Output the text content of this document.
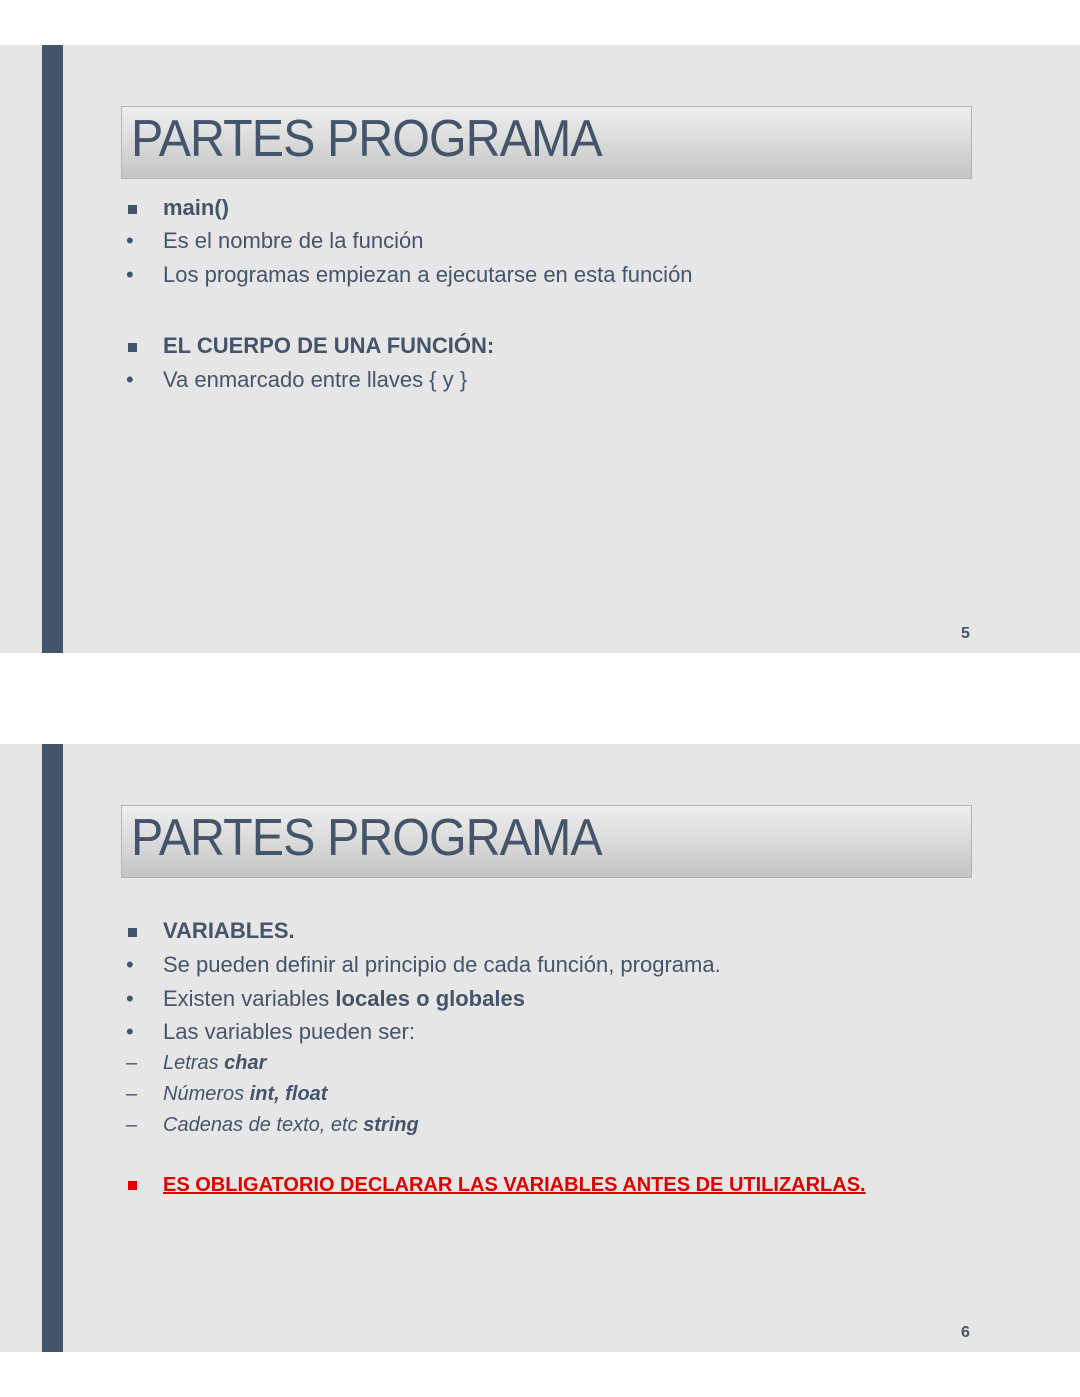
PARTES PROGRAMA
main()
• Es el nombre de la función
• Los programas empiezan a ejecutarse en esta función
EL CUERPO DE UNA FUNCIÓN:
• Va enmarcado entre llaves { y }
5
PARTES PROGRAMA
VARIABLES.
• Se pueden definir al principio de cada función, programa.
• Existen variables locales o globales
• Las variables pueden ser:
– Letras char
– Números int, float
– Cadenas de texto, etc string
ES OBLIGATORIO DECLARAR LAS VARIABLES ANTES DE UTILIZARLAS.
6
